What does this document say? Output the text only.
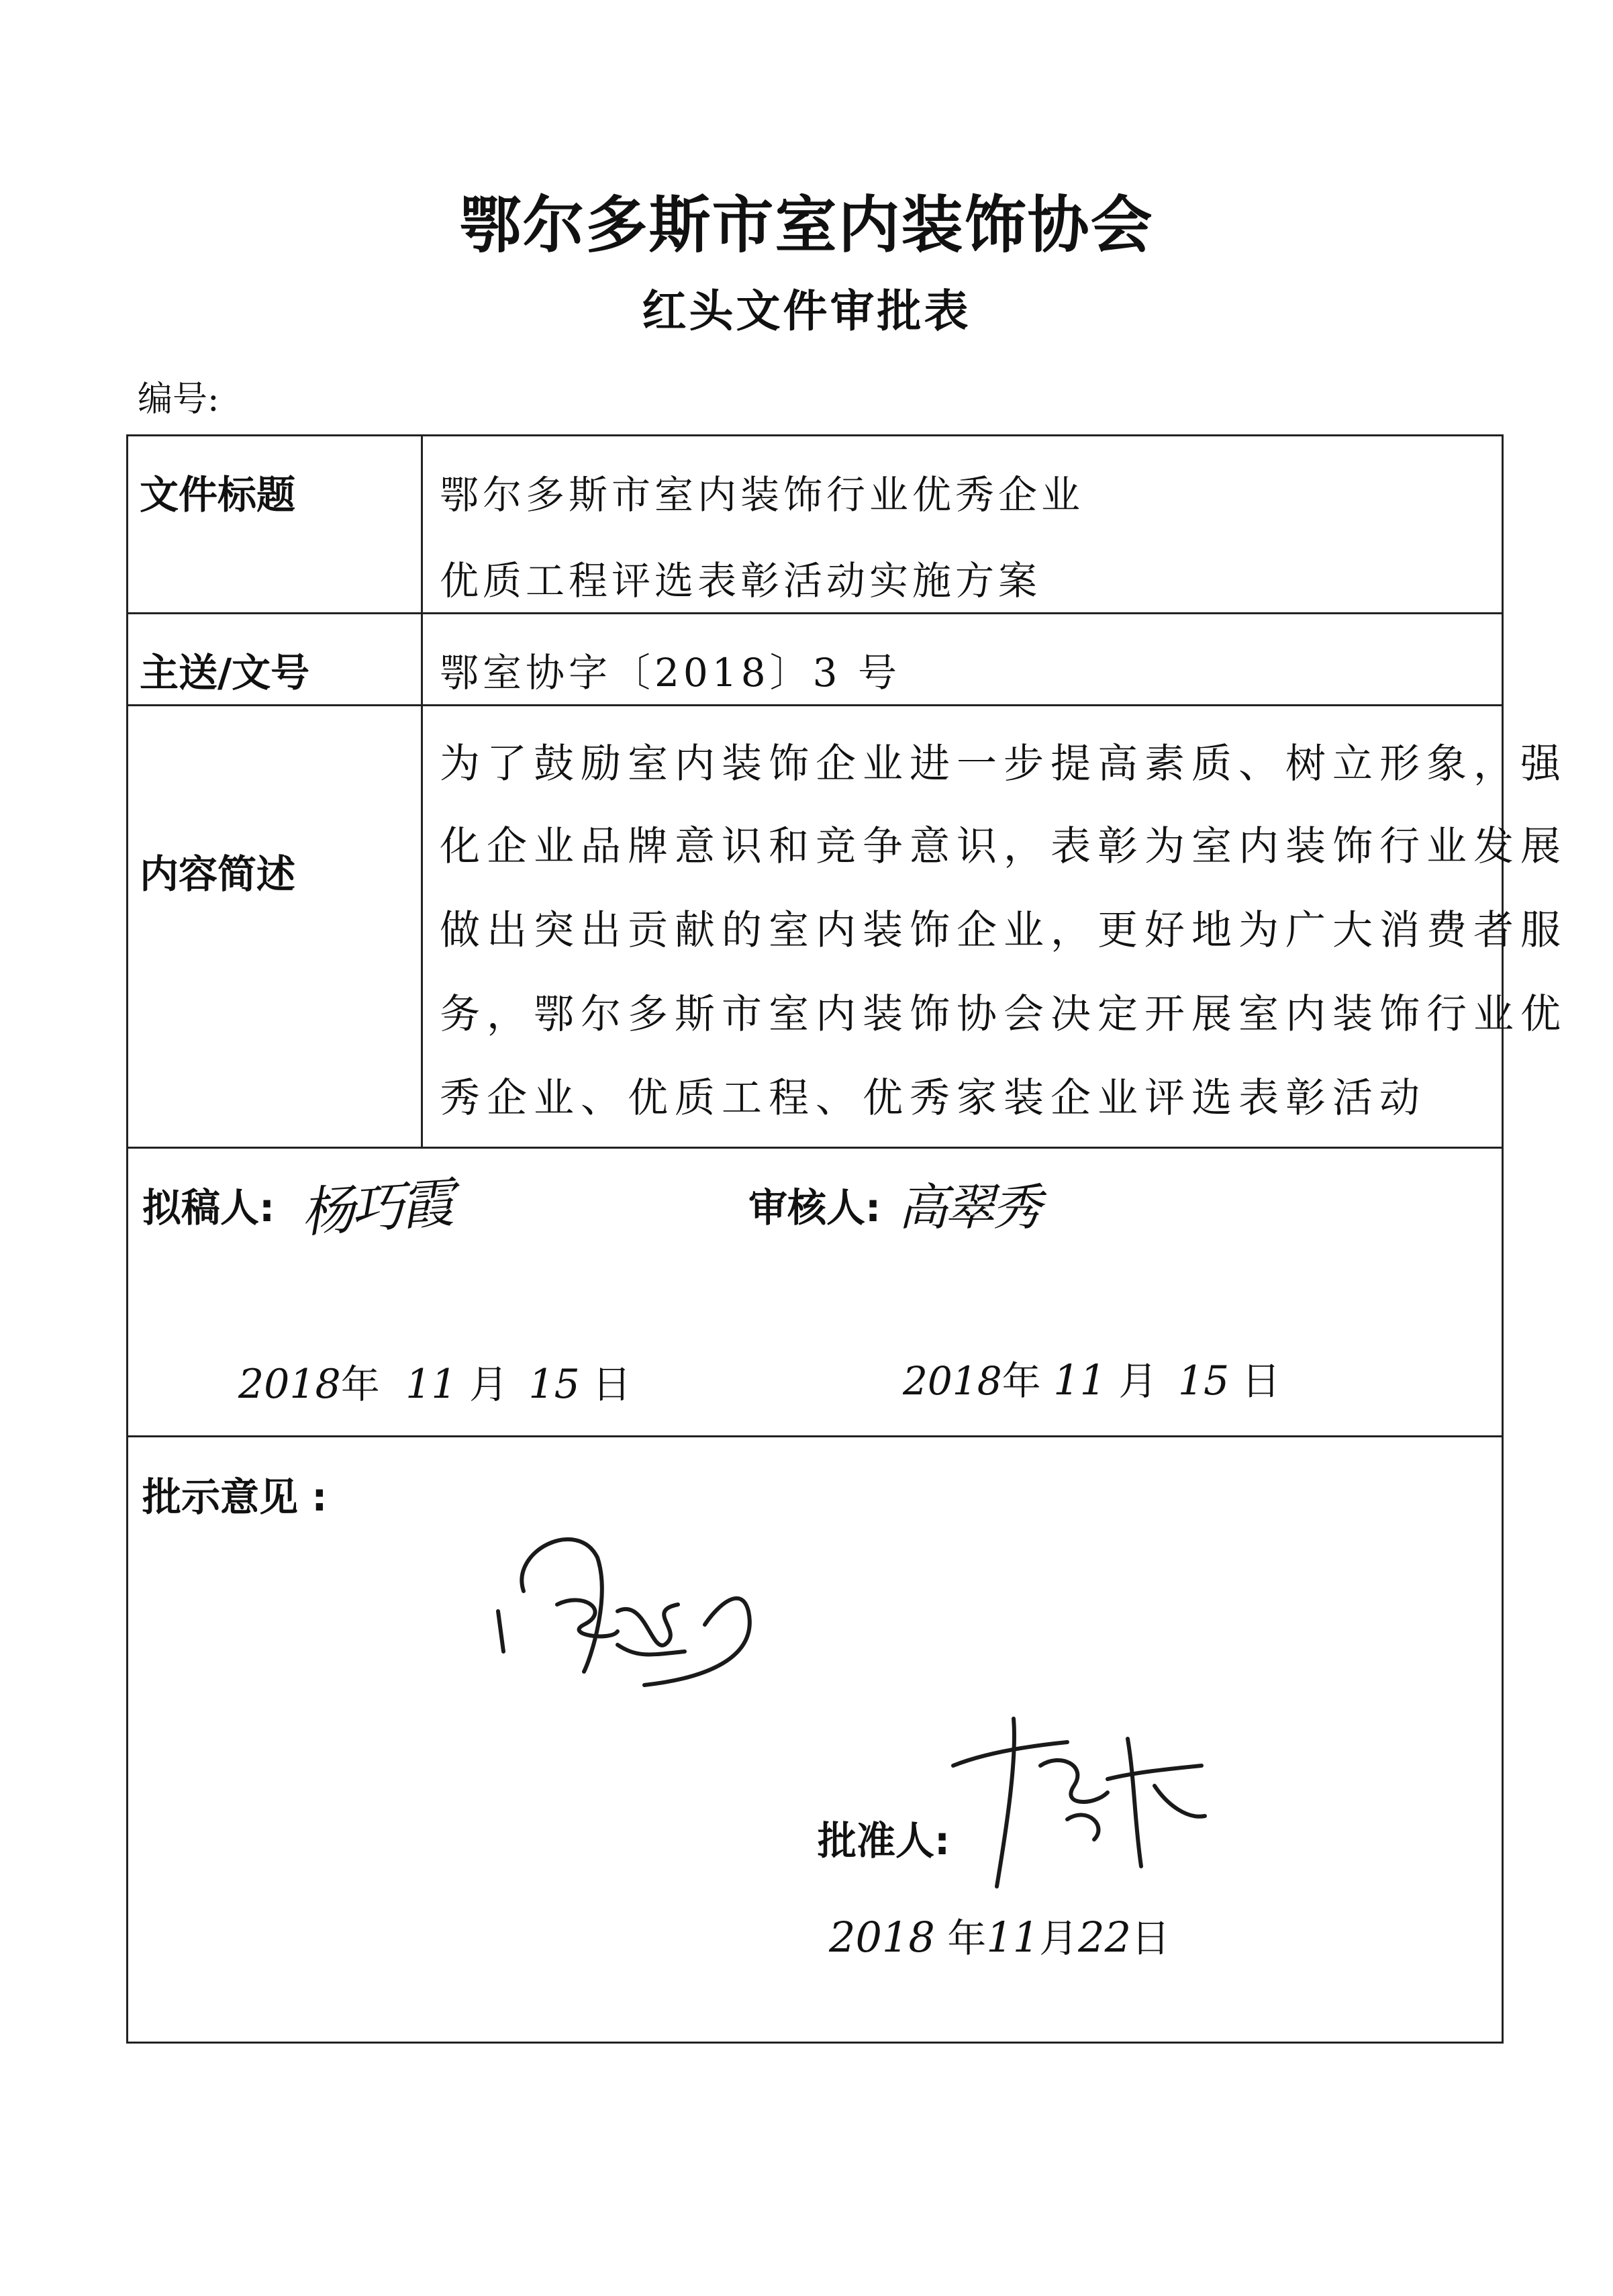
鄂尔多斯市室内装饰协会
红头文件审批表
编号:
文件标题	鄂尔多斯市室内装饰行业优秀企业
优质工程评选表彰活动实施方案
主送/文号	鄂室协字〔2018〕3 号
内容简述
为了鼓励室内装饰企业进一步提高素质、树立形象，强
化企业品牌意识和竞争意识，表彰为室内装饰行业发展
做出突出贡献的室内装饰企业，更好地为广大消费者服
务，鄂尔多斯市室内装饰协会决定开展室内装饰行业优
秀企业、优质工程、优秀家装企业评选表彰活动
拟稿人: 杨巧霞	审核人: 高翠秀
2018年 11 月 15 日	2018年 11 月 15 日
批示意见 :
批准人:
2018 年11月22日
